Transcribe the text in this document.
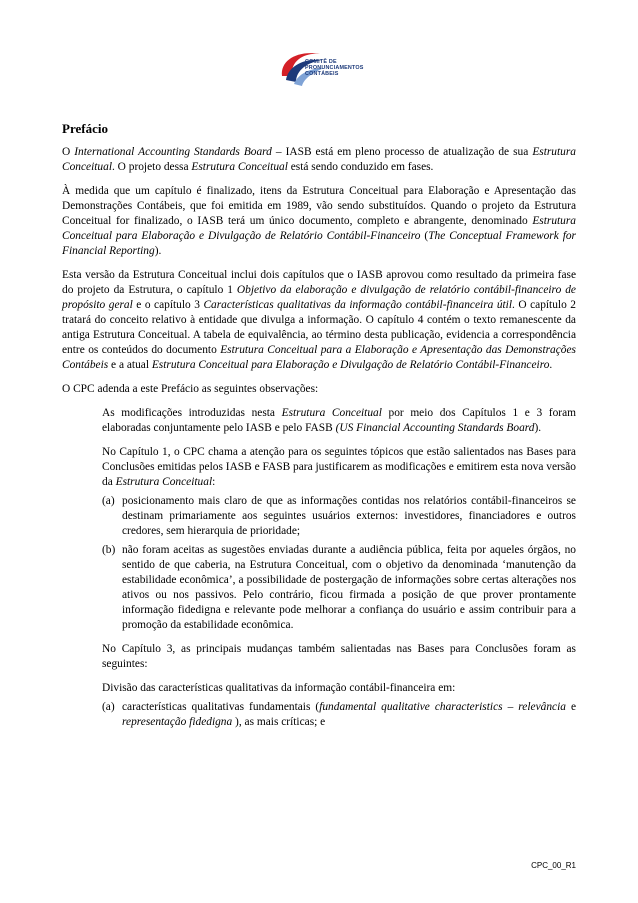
COMITÊ DE
PRONUNCIAMENTOS
CONTÁBEIS
Prefácio

O International Accounting Standards Board – IASB está em pleno processo de atualização de sua Estrutura Conceitual. O projeto dessa Estrutura Conceitual está sendo conduzido em fases.

À medida que um capítulo é finalizado, itens da Estrutura Conceitual para Elaboração e Apresentação das Demonstrações Contábeis, que foi emitida em 1989, vão sendo substituídos. Quando o projeto da Estrutura Conceitual for finalizado, o IASB terá um único documento, completo e abrangente, denominado Estrutura Conceitual para Elaboração e Divulgação de Relatório Contábil-Financeiro (The Conceptual Framework for Financial Reporting).

Esta versão da Estrutura Conceitual inclui dois capítulos que o IASB aprovou como resultado da primeira fase do projeto da Estrutura, o capítulo 1 Objetivo da elaboração e divulgação de relatório contábil-financeiro de propósito geral e o capítulo 3 Características qualitativas da informação contábil-financeira útil. O capítulo 2 tratará do conceito relativo à entidade que divulga a informação. O capítulo 4 contém o texto remanescente da antiga Estrutura Conceitual. A tabela de equivalência, ao término desta publicação, evidencia a correspondência entre os conteúdos do documento Estrutura Conceitual para a Elaboração e Apresentação das Demonstrações Contábeis e a atual Estrutura Conceitual para Elaboração e Divulgação de Relatório Contábil-Financeiro.

O CPC adenda a este Prefácio as seguintes observações:

As modificações introduzidas nesta Estrutura Conceitual por meio dos Capítulos 1 e 3 foram elaboradas conjuntamente pelo IASB e pelo FASB (US Financial Accounting Standards Board).

No Capítulo 1, o CPC chama a atenção para os seguintes tópicos que estão salientados nas Bases para Conclusões emitidas pelos IASB e FASB para justificarem as modificações e emitirem esta nova versão da Estrutura Conceitual:

(a) posicionamento mais claro de que as informações contidas nos relatórios contábil-financeiros se destinam primariamente aos seguintes usuários externos: investidores, financiadores e outros credores, sem hierarquia de prioridade;
(b) não foram aceitas as sugestões enviadas durante a audiência pública, feita por aqueles órgãos, no sentido de que caberia, na Estrutura Conceitual, com o objetivo da denominada ‘manutenção da estabilidade econômica’, a possibilidade de postergação de informações sobre certas alterações nos ativos ou nos passivos. Pelo contrário, ficou firmada a posição de que prover prontamente informação fidedigna e relevante pode melhorar a confiança do usuário e assim contribuir para a promoção da estabilidade econômica.

No Capítulo 3, as principais mudanças também salientadas nas Bases para Conclusões foram as seguintes:

Divisão das características qualitativas da informação contábil-financeira em:

(a) características qualitativas fundamentais (fundamental qualitative characteristics – relevância e representação fidedigna ), as mais críticas; e
CPC_00_R1
